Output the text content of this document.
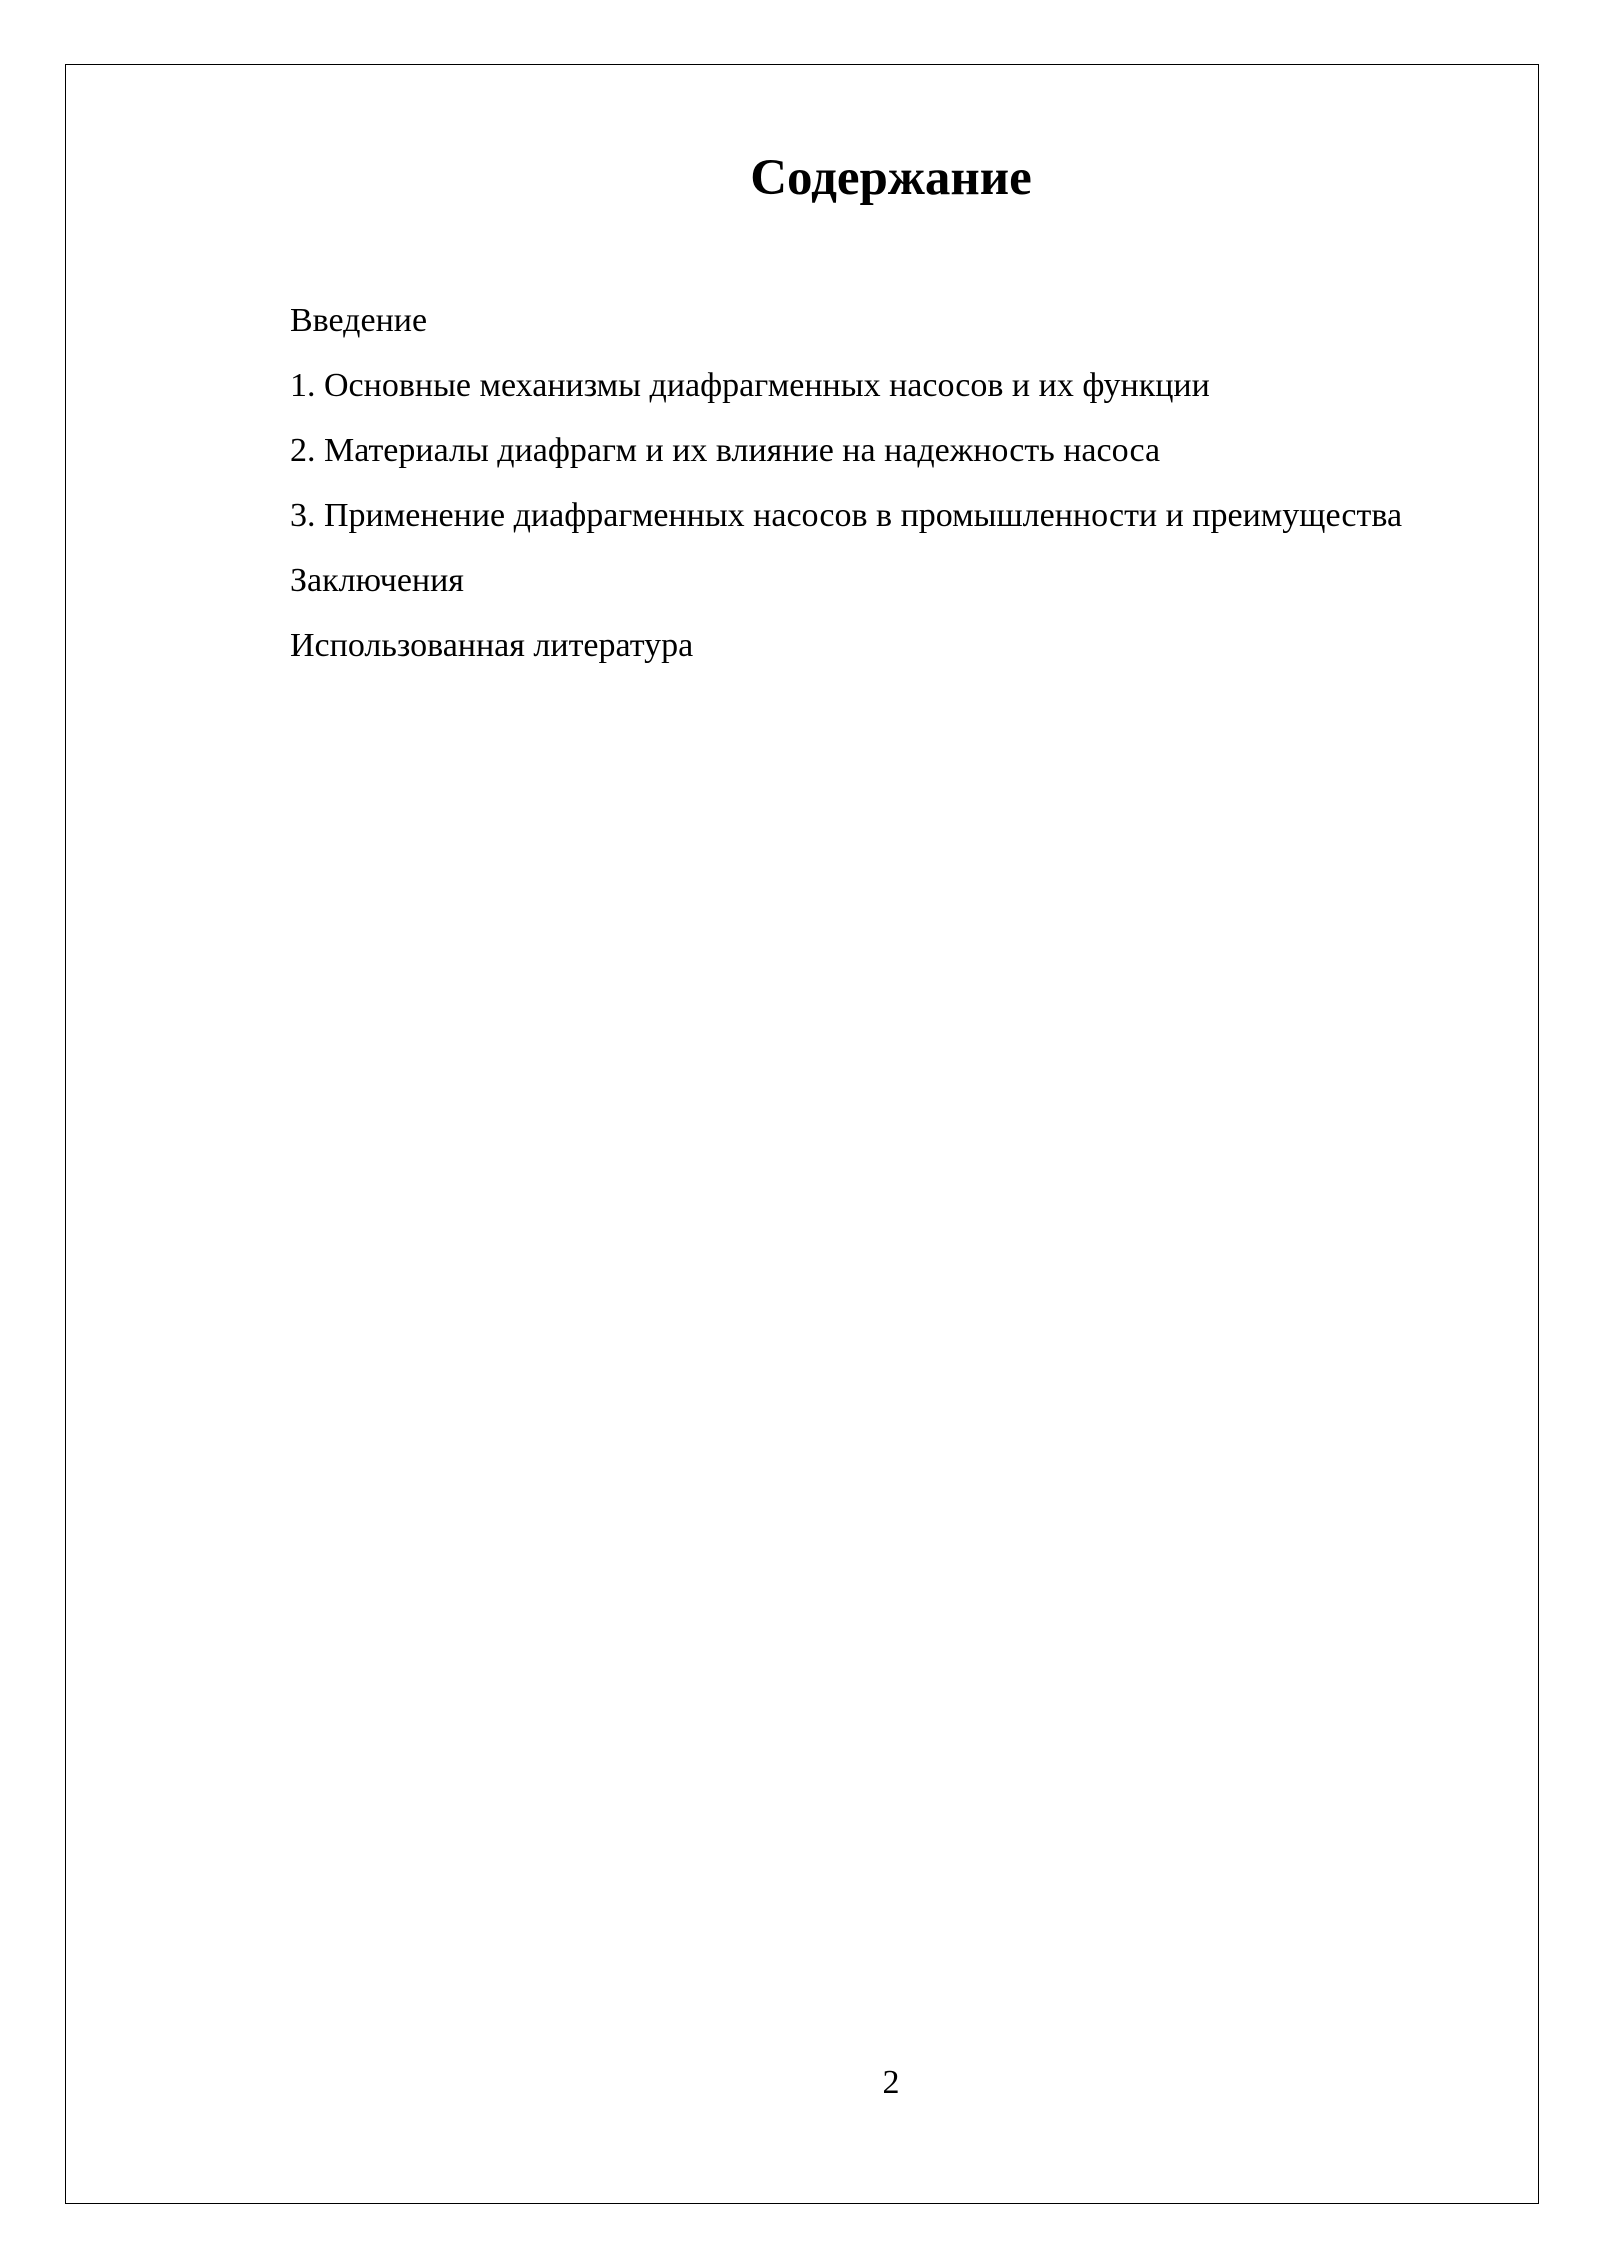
Содержание

Введение

1. Основные механизмы диафрагменных насосов и их функции

2. Материалы диафрагм и их влияние на надежность насоса

3. Применение диафрагменных насосов в промышленности и преимущества

Заключения

Использованная литература

2
